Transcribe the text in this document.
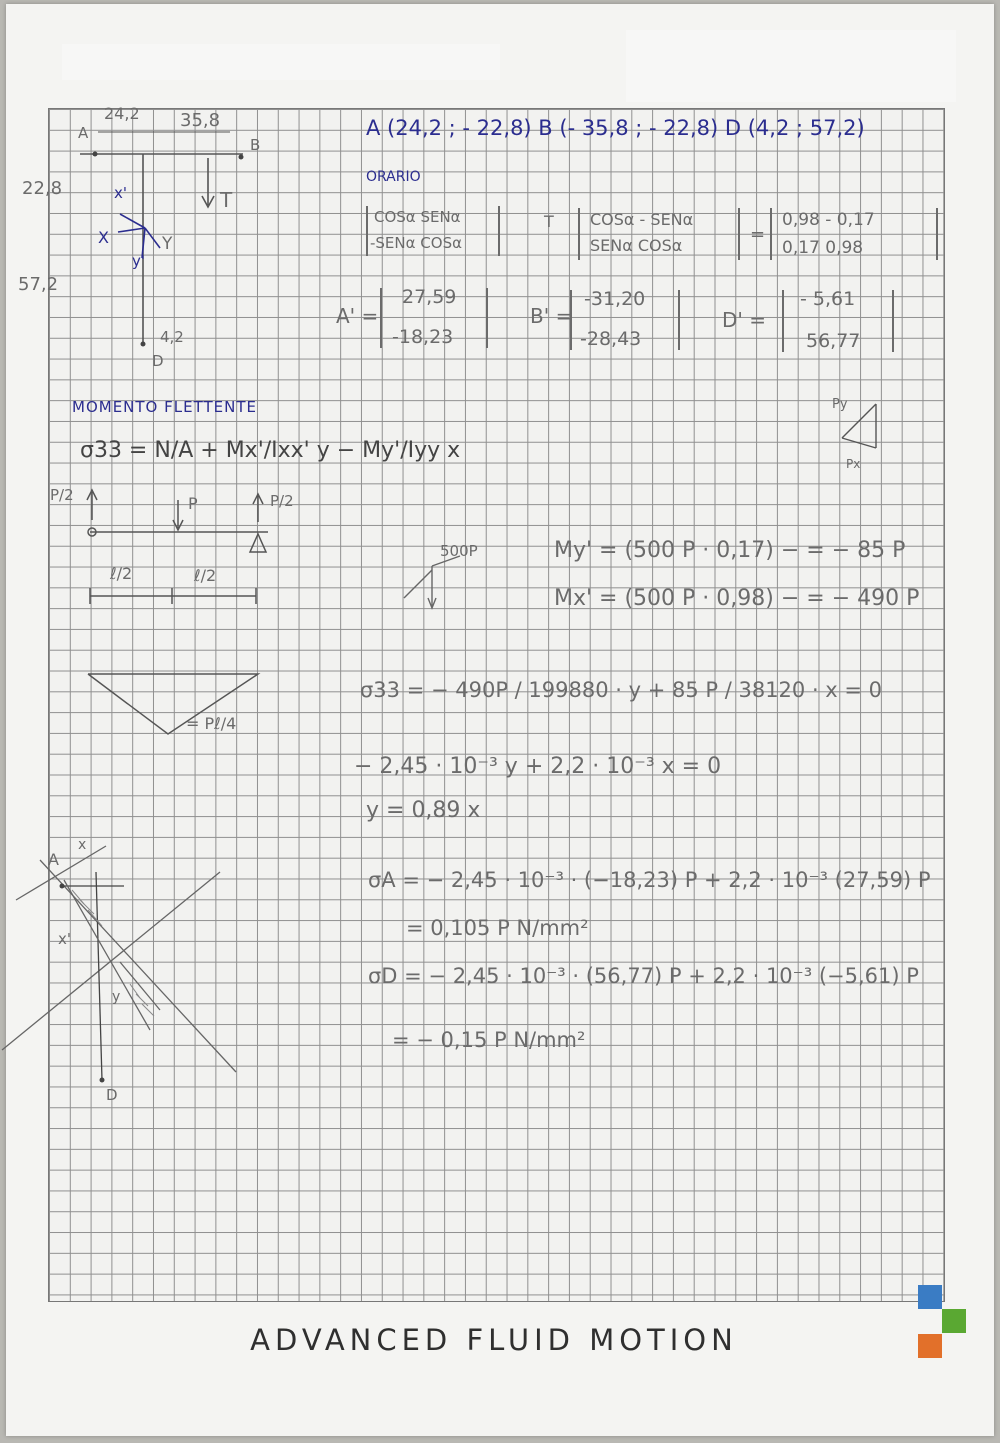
A (24,2 ; - 22,8) B (- 35,8 ; - 22,8) D (4,2 ; 57,2)
ORARIO
24,2 35,8
22,8
57,2
4,2
A
B
D
T
x'
X	Y
y'
COSα SENα
-SENα COSα
T COSα - SENα
SENα COSα
=
0,98 - 0,17
0,17 0,98
A' =
27,59
-18,23
B' =
-31,20
-28,43
D' =
- 5,61
56,77
MOMENTO FLETTENTE
σ33 = N/A + Mx'/Ixx' y − My'/Iyy x
P/2	P	P/2
ℓ/2	ℓ/2
= Pℓ/4
500P	My' = (500 P · 0,17) − = − 85 P
Mx' = (500 P · 0,98) − = − 490 P
Py
Px
σ33 = − 490P / 199880 · y + 85 P / 38120 · x = 0
− 2,45 · 10⁻³ y + 2,2 · 10⁻³ x = 0
y = 0,89 x
σA = − 2,45 · 10⁻³ · (−18,23) P + 2,2 · 10⁻³ (27,59) P
= 0,105 P N/mm²
σD = − 2,45 · 10⁻³ · (56,77) P + 2,2 · 10⁻³ (−5,61) P
= − 0,15 P N/mm²
A
D
x
x'
y
ADVANCED FLUID MOTION
